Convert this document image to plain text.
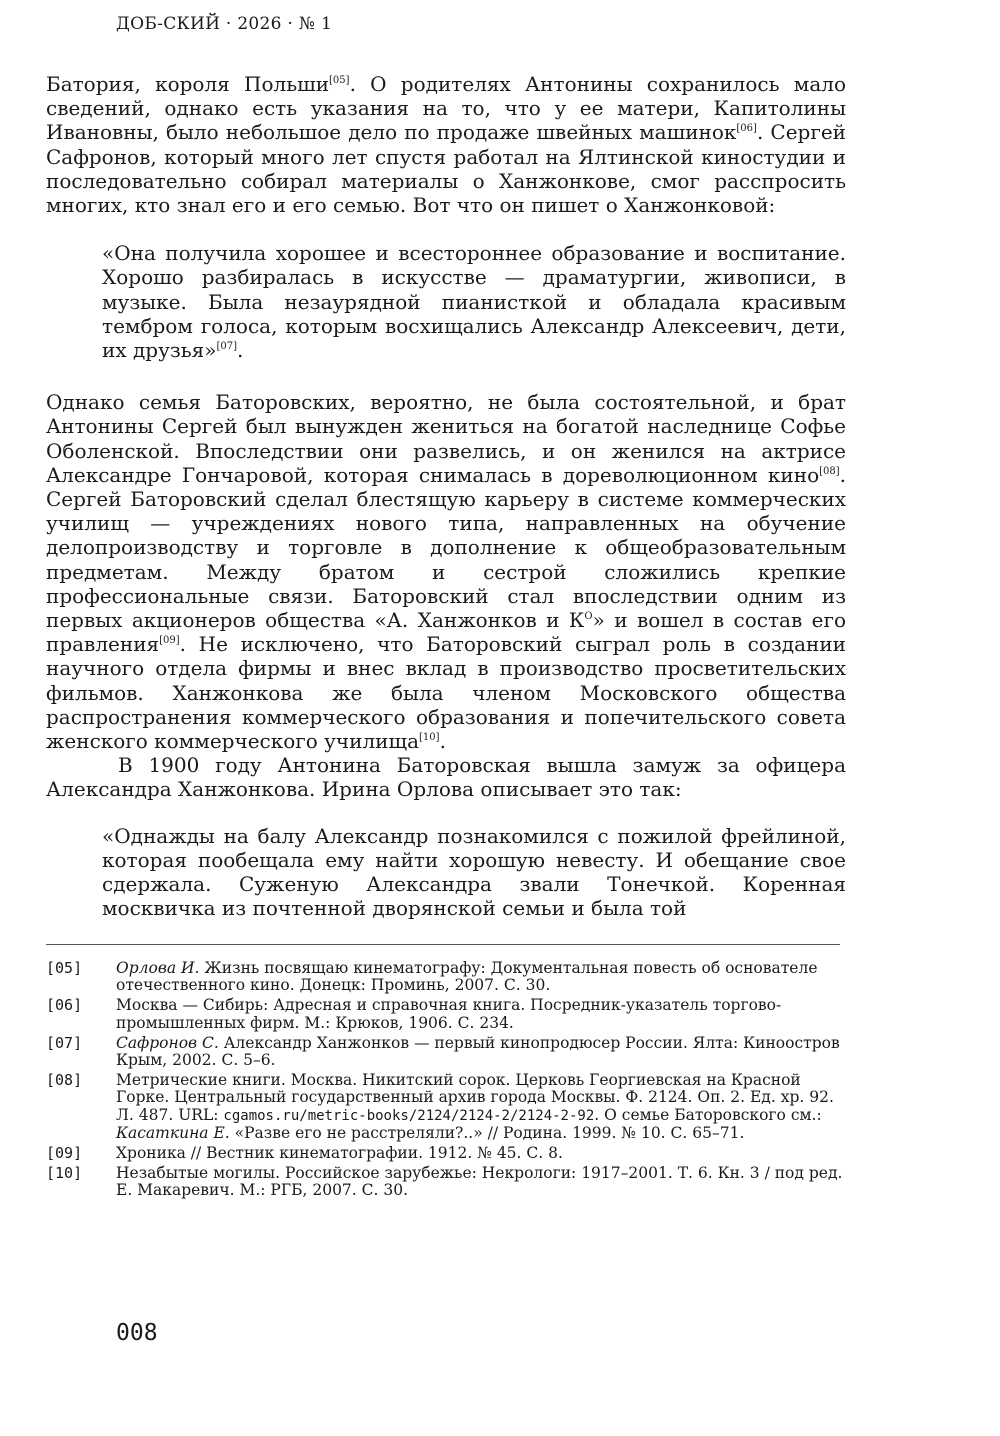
ДОБ-СКИЙ · 2026 · № 1

Батория, короля Польши[05]. О родителях Антонины сохранилось мало сведений, однако есть указания на то, что у ее матери, Капитолины Ивановны, было небольшое дело по продаже швейных машинок[06]. Сергей Сафронов, который много лет спустя работал на Ялтинской киностудии и последовательно собирал материалы о Ханжонкове, смог расспросить многих, кто знал его и его семью. Вот что он пишет о Ханжонковой:

«Она получила хорошее и всестороннее образование и воспитание. Хорошо разбиралась в искусстве — драматургии, живописи, в музыке. Была незаурядной пианисткой и обладала красивым тембром голоса, которым восхищались Александр Алексеевич, дети, их друзья»[07].

Однако семья Баторовских, вероятно, не была состоятельной, и брат Антонины Сергей был вынужден жениться на богатой наследнице Софье Оболенской. Впоследствии они развелись, и он женился на актрисе Александре Гончаровой, которая снималась в дореволюционном кино[08]. Сергей Баторовский сделал блестящую карьеру в системе коммерческих училищ — учреждениях нового типа, направленных на обучение делопроизводству и торговле в дополнение к общеобразовательным предметам. Между братом и сестрой сложились крепкие профессиональные связи. Баторовский стал впоследствии одним из первых акционеров общества «А. Ханжонков и $К^О$» и вошел в состав его правления[09]. Не исключено, что Баторовский сыграл роль в создании научного отдела фирмы и внес вклад в производство просветительских фильмов. Ханжонкова же была членом Московского общества распространения коммерческого образования и попечительского совета женского коммерческого училища[10].

В 1900 году Антонина Баторовская вышла замуж за офицера Александра Ханжонкова. Ирина Орлова описывает это так:

«Однажды на балу Александр познакомился с пожилой фрейлиной, которая пообещала ему найти хорошую невесту. И обещание свое сдержала. Суженую Александра звали Тонечкой. Коренная москвичка из почтенной дворянской семьи и была той
[05]	Орлова И. Жизнь посвящаю кинематографу: Документальная повесть об основателе отечественного кино. Донецк: Проминь, 2007. С. 30.
[06]	Москва — Сибирь: Адресная и справочная книга. Посредник-указатель торгово-промышленных фирм. М.: Крюков, 1906. С. 234.
[07]	Сафронов С. Александр Ханжонков — первый кинопродюсер России. Ялта: Киноостров Крым, 2002. С. 5–6.
[08]	Метрические книги. Москва. Никитский сорок. Церковь Георгиевская на Красной Горке. Центральный государственный архив города Москвы. Ф. 2124. Оп. 2. Ед. хр. 92. Л. 487. URL: cgamos.ru/metric-books/2124/2124-2/2124-2-92. О семье Баторовского см.: Касаткина Е. «Разве его не расстреляли?..» // Родина. 1999. № 10. С. 65–71.
[09]	Хроника // Вестник кинематографии. 1912. № 45. С. 8.
[10]	Незабытые могилы. Российское зарубежье: Некрологи: 1917–2001. Т. 6. Кн. 3 / под ред. Е. Макаревич. М.: РГБ, 2007. С. 30.
008
